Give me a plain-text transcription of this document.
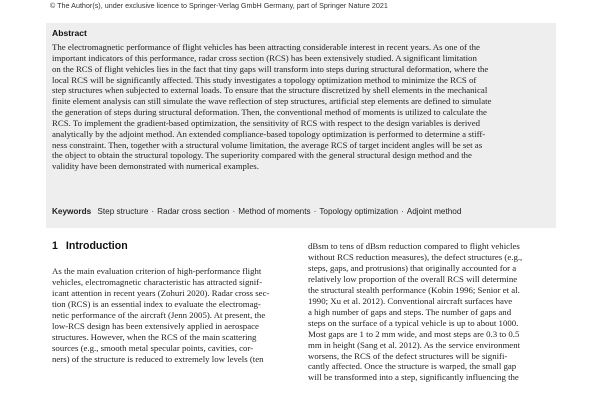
© The Author(s), under exclusive licence to Springer-Verlag GmbH Germany, part of Springer Nature 2021
Abstract
The electromagnetic performance of flight vehicles has been attracting considerable interest in recent years. As one of the
important indicators of this performance, radar cross section (RCS) has been extensively studied. A significant limitation
on the RCS of flight vehicles lies in the fact that tiny gaps will transform into steps during structural deformation, where the
local RCS will be significantly affected. This study investigates a topology optimization method to minimize the RCS of
step structures when subjected to external loads. To ensure that the structure discretized by shell elements in the mechanical
finite element analysis can still simulate the wave reflection of step structures, artificial step elements are defined to simulate
the generation of steps during structural deformation. Then, the conventional method of moments is utilized to calculate the
RCS. To implement the gradient-based optimization, the sensitivity of RCS with respect to the design variables is derived
analytically by the adjoint method. An extended compliance-based topology optimization is performed to determine a stiff-
ness constraint. Then, together with a structural volume limitation, the average RCS of target incident angles will be set as
the object to obtain the structural topology. The superiority compared with the general structural design method and the
validity have been demonstrated with numerical examples.
Keywords Step structure · Radar cross section · Method of moments · Topology optimization · Adjoint method
1 Introduction
As the main evaluation criterion of high-performance flight
vehicles, electromagnetic characteristic has attracted signif-
icant attention in recent years (Zohuri 2020). Radar cross sec-
tion (RCS) is an essential index to evaluate the electromag-
netic performance of the aircraft (Jenn 2005). At present, the
low-RCS design has been extensively applied in aerospace
structures. However, when the RCS of the main scattering
sources (e.g., smooth metal specular points, cavities, cor-
ners) of the structure is reduced to extremely low levels (ten
dBsm to tens of dBsm reduction compared to flight vehicles
without RCS reduction measures), the defect structures (e.g.,
steps, gaps, and protrusions) that originally accounted for a
relatively low proportion of the overall RCS will determine
the structural stealth performance (Kobin 1996; Senior et al.
1990; Xu et al. 2012). Conventional aircraft surfaces have
a high number of gaps and steps. The number of gaps and
steps on the surface of a typical vehicle is up to about 1000.
Most gaps are 1 to 2 mm wide, and most steps are 0.3 to 0.5
mm in height (Sang et al. 2012). As the service environment
worsens, the RCS of the defect structures will be signifi-
cantly affected. Once the structure is warped, the small gap
will be transformed into a step, significantly influencing the
